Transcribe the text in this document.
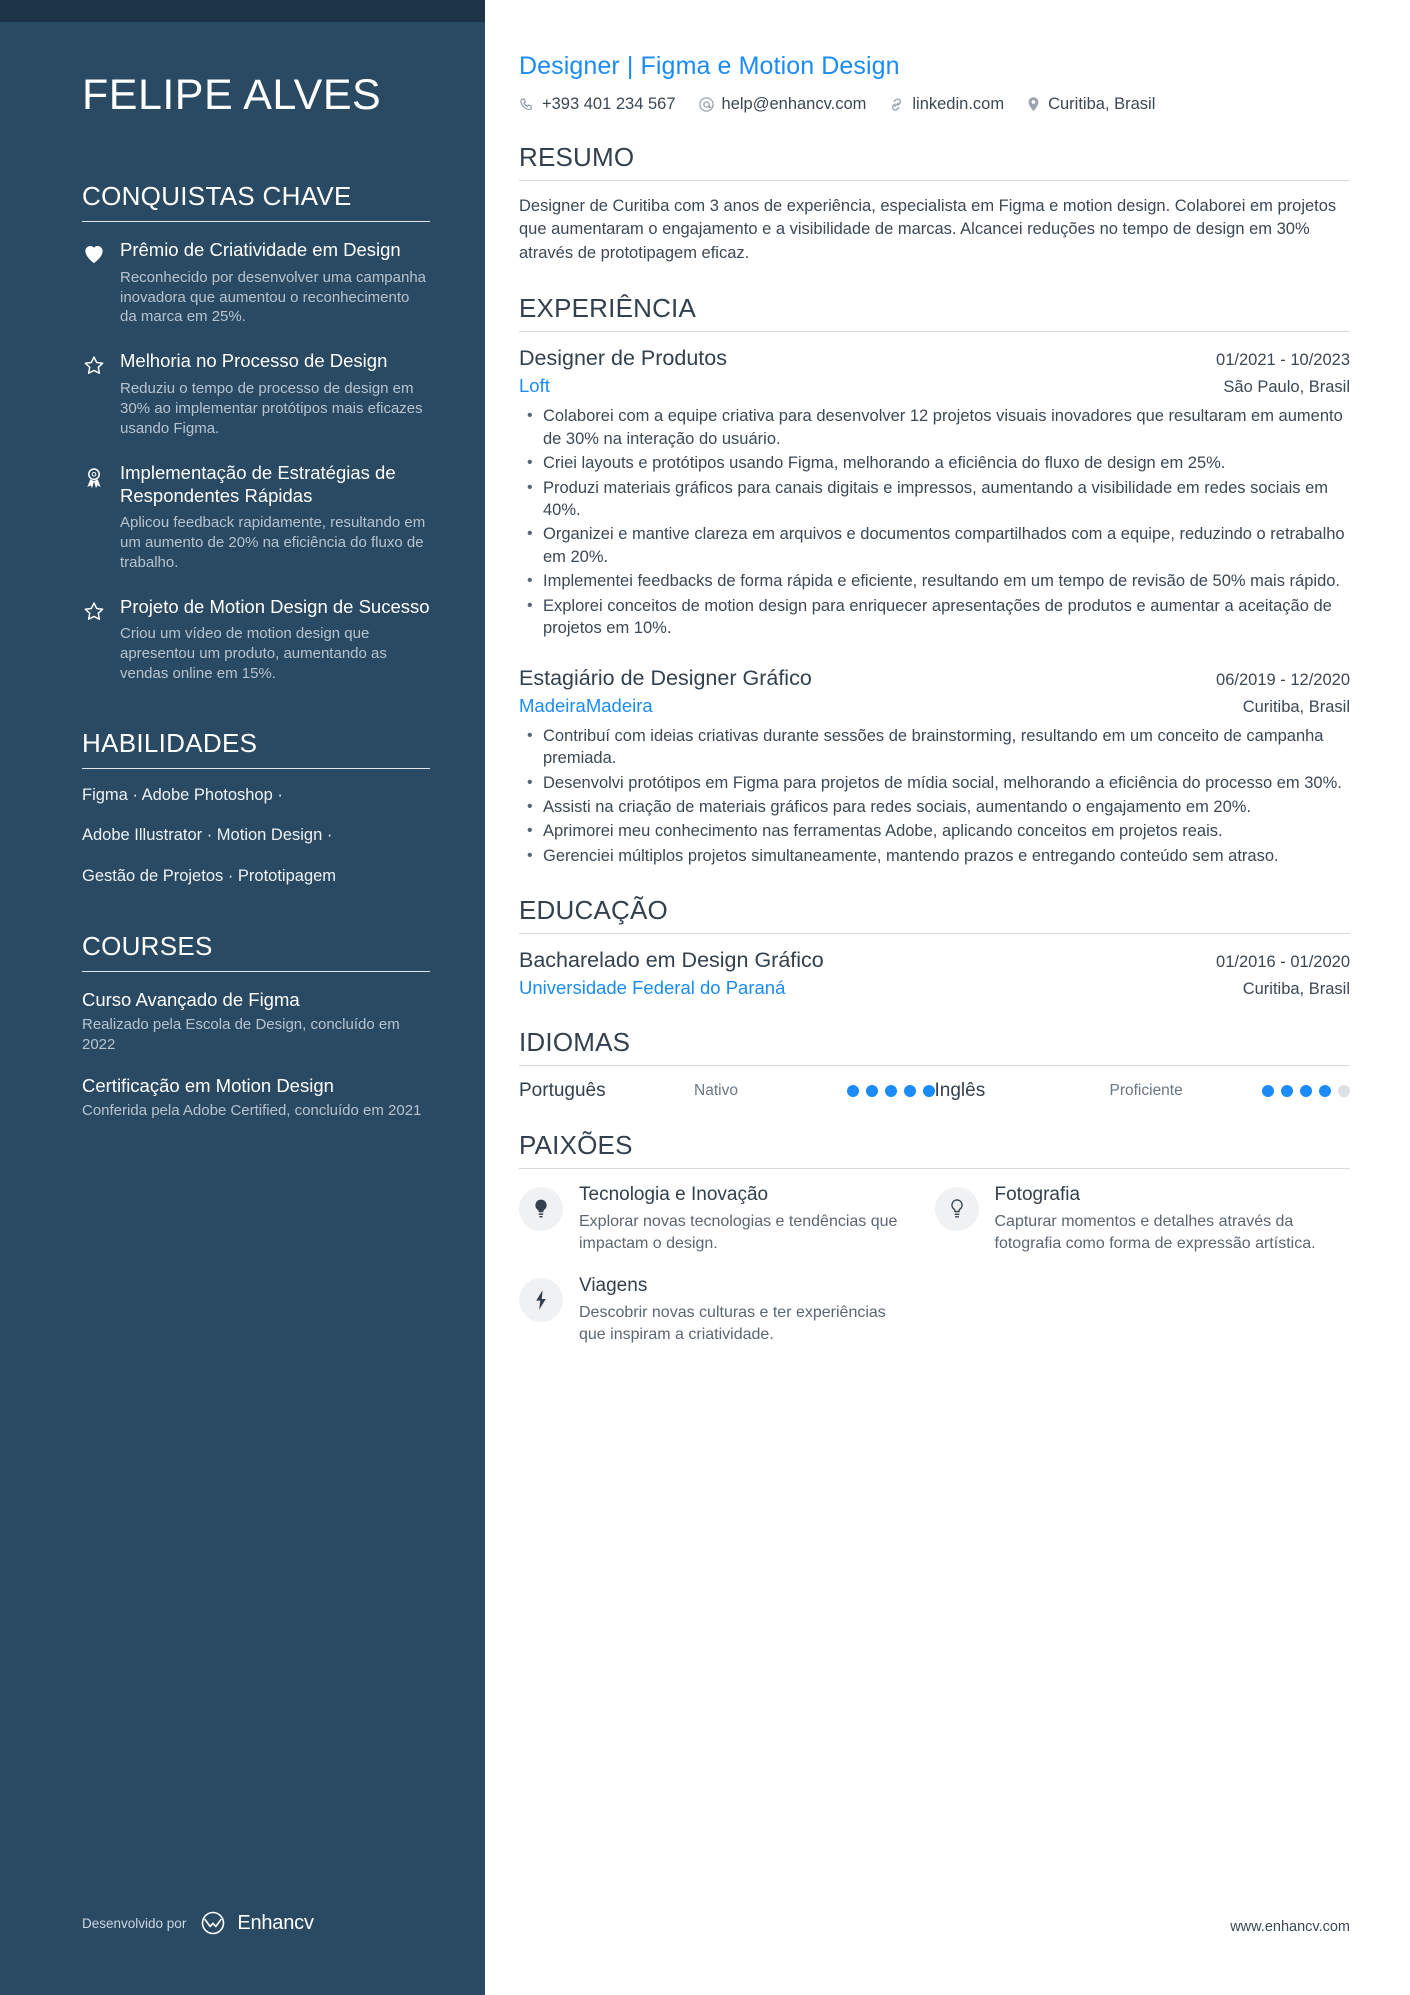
FELIPE ALVES
CONQUISTAS CHAVE
Prêmio de Criatividade em Design
Reconhecido por desenvolver uma campanha inovadora que aumentou o reconhecimento da marca em 25%.
Melhoria no Processo de Design
Reduziu o tempo de processo de design em 30% ao implementar protótipos mais eficazes usando Figma.
Implementação de Estratégias de Respondentes Rápidas
Aplicou feedback rapidamente, resultando em um aumento de 20% na eficiência do fluxo de trabalho.
Projeto de Motion Design de Sucesso
Criou um vídeo de motion design que apresentou um produto, aumentando as vendas online em 15%.
HABILIDADES
Figma · Adobe Photoshop ·
Adobe Illustrator · Motion Design ·
Gestão de Projetos · Prototipagem
COURSES
Curso Avançado de Figma
Realizado pela Escola de Design, concluído em 2022
Certificação em Motion Design
Conferida pela Adobe Certified, concluído em 2021
Desenvolvido por	Enhancv
Designer | Figma e Motion Design
+393 401 234 567	help@enhancv.com	linkedin.com	Curitiba, Brasil
RESUMO

Designer de Curitiba com 3 anos de experiência, especialista em Figma e motion design. Colaborei em projetos que aumentaram o engajamento e a visibilidade de marcas. Alcancei reduções no tempo de design em 30% através de prototipagem eficaz.

EXPERIÊNCIA
Designer de Produtos	01/2021 - 10/2023
Loft	São Paulo, Brasil
• Colaborei com a equipe criativa para desenvolver 12 projetos visuais inovadores que resultaram em aumento de 30% na interação do usuário.
• Criei layouts e protótipos usando Figma, melhorando a eficiência do fluxo de design em 25%.
• Produzi materiais gráficos para canais digitais e impressos, aumentando a visibilidade em redes sociais em 40%.
• Organizei e mantive clareza em arquivos e documentos compartilhados com a equipe, reduzindo o retrabalho em 20%.
• Implementei feedbacks de forma rápida e eficiente, resultando em um tempo de revisão de 50% mais rápido.
• Explorei conceitos de motion design para enriquecer apresentações de produtos e aumentar a aceitação de projetos em 10%.
Estagiário de Designer Gráfico	06/2019 - 12/2020
MadeiraMadeira	Curitiba, Brasil
• Contribuí com ideias criativas durante sessões de brainstorming, resultando em um conceito de campanha premiada.
• Desenvolvi protótipos em Figma para projetos de mídia social, melhorando a eficiência do processo em 30%.
• Assisti na criação de materiais gráficos para redes sociais, aumentando o engajamento em 20%.
• Aprimorei meu conhecimento nas ferramentas Adobe, aplicando conceitos em projetos reais.
• Gerenciei múltiplos projetos simultaneamente, mantendo prazos e entregando conteúdo sem atraso.
EDUCAÇÃO
Bacharelado em Design Gráfico	01/2016 - 01/2020
Universidade Federal do Paraná	Curitiba, Brasil
IDIOMAS
Português	Nativo	Inglês	Proficiente
PAIXÕES
Tecnologia e Inovação
Explorar novas tecnologias e tendências que impactam o design.
Fotografia
Capturar momentos e detalhes através da fotografia como forma de expressão artística.
Viagens
Descobrir novas culturas e ter experiências que inspiram a criatividade.
www.enhancv.com
